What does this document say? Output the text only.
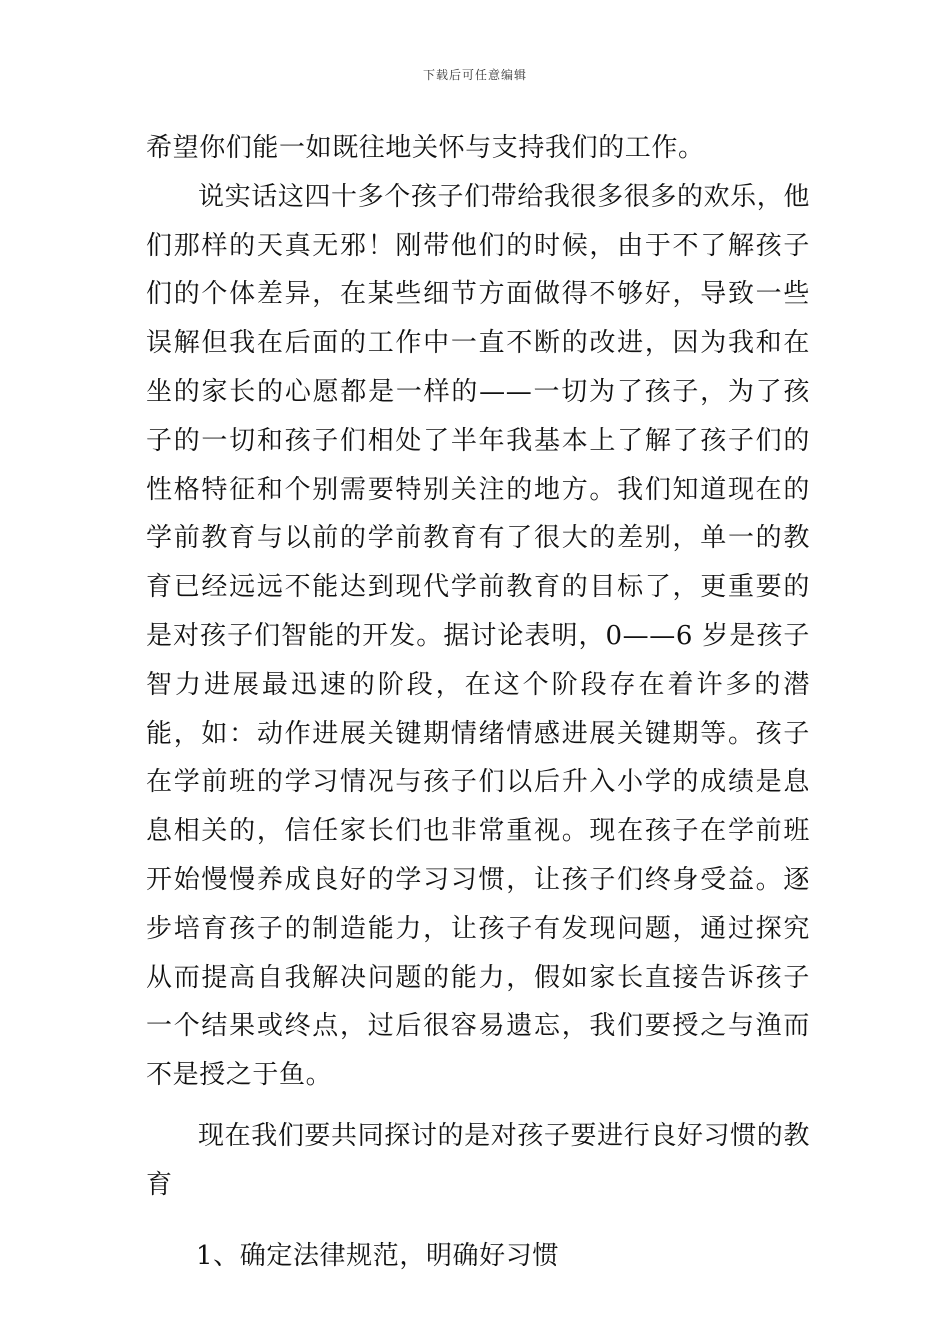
下载后可任意编辑

希望你们能一如既往地关怀与支持我们的工作。

说实话这四十多个孩子们带给我很多很多的欢乐，他们那样的天真无邪！刚带他们的时候，由于不了解孩子们的个体差异，在某些细节方面做得不够好，导致一些误解但我在后面的工作中一直不断的改进，因为我和在坐的家长的心愿都是一样的——一切为了孩子，为了孩子的一切和孩子们相处了半年我基本上了解了孩子们的性格特征和个别需要特别关注的地方。我们知道现在的学前教育与以前的学前教育有了很大的差别，单一的教育已经远远不能达到现代学前教育的目标了，更重要的是对孩子们智能的开发。据讨论表明，0——6 岁是孩子智力进展最迅速的阶段，在这个阶段存在着许多的潜能，如：动作进展关键期情绪情感进展关键期等。孩子在学前班的学习情况与孩子们以后升入小学的成绩是息息相关的，信任家长们也非常重视。现在孩子在学前班开始慢慢养成良好的学习习惯，让孩子们终身受益。逐步培育孩子的制造能力，让孩子有发现问题，通过探究从而提高自我解决问题的能力，假如家长直接告诉孩子一个结果或终点，过后很容易遗忘，我们要授之与渔而不是授之于鱼。

现在我们要共同探讨的是对孩子要进行良好习惯的教育

1、确定法律规范，明确好习惯
